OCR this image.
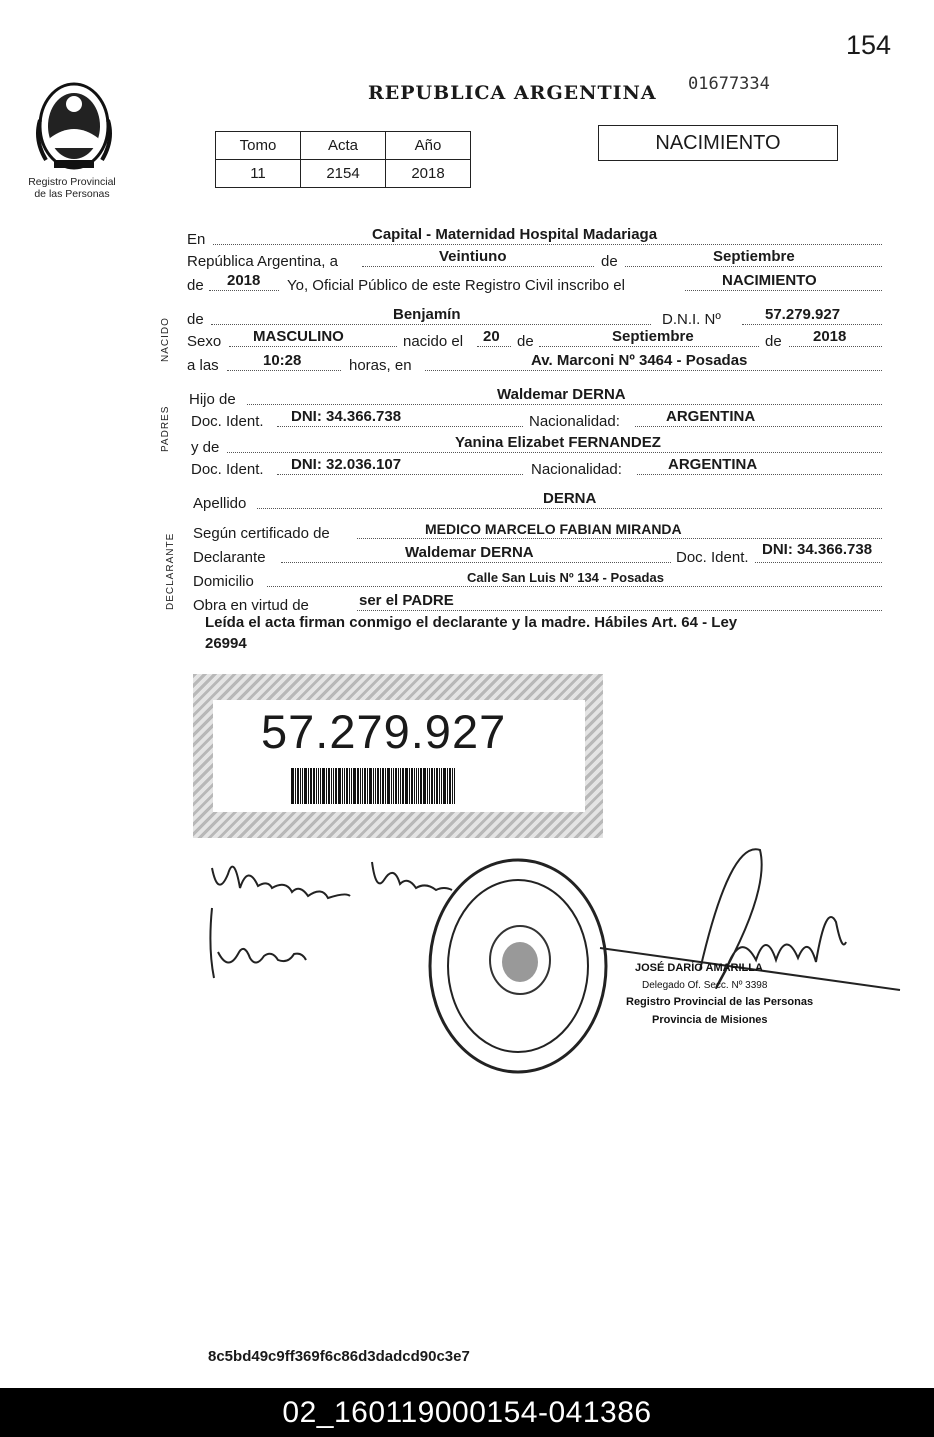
154
Registro Provincial
de las Personas
REPUBLICA ARGENTINA 01677334
Tomo	Acta	Año
11	2154	2018
NACIMIENTO
NACIDO
PADRES
DECLARANTE
En	Capital - Maternidad Hospital Madariaga
República Argentina, a	Veintiuno	de	Septiembre
de 2018 Yo, Oficial Público de este Registro Civil inscribo el	NACIMIENTO
de	Benjamín	D.N.I. Nº	57.279.927
Sexo MASCULINO	nacido el 20 de	Septiembre	de 2018
a las	10:28	horas, en	Av. Marconi Nº 3464 - Posadas
Hijo de	Waldemar DERNA
Doc. Ident. DNI: 34.366.738	Nacionalidad:	ARGENTINA
y de	Yanina Elizabet FERNANDEZ
Doc. Ident. DNI: 32.036.107	Nacionalidad:	ARGENTINA
Apellido	DERNA
Según certificado de	MEDICO MARCELO FABIAN MIRANDA
Declarante	Waldemar DERNA	Doc. Ident. DNI: 34.366.738
Domicilio	Calle San Luis Nº 134 - Posadas
Obra en virtud de	ser el PADRE
Leída el acta firman conmigo el declarante y la madre. Hábiles Art. 64 - Ley
26994
57.279.927
JOSÉ DARÍO AMARILLA
Delegado Of. Secc. Nº 3398
Registro Provincial de las Personas
Provincia de Misiones
8c5bd49c9ff369f6c86d3dadcd90c3e7
02_160119000154-041386
